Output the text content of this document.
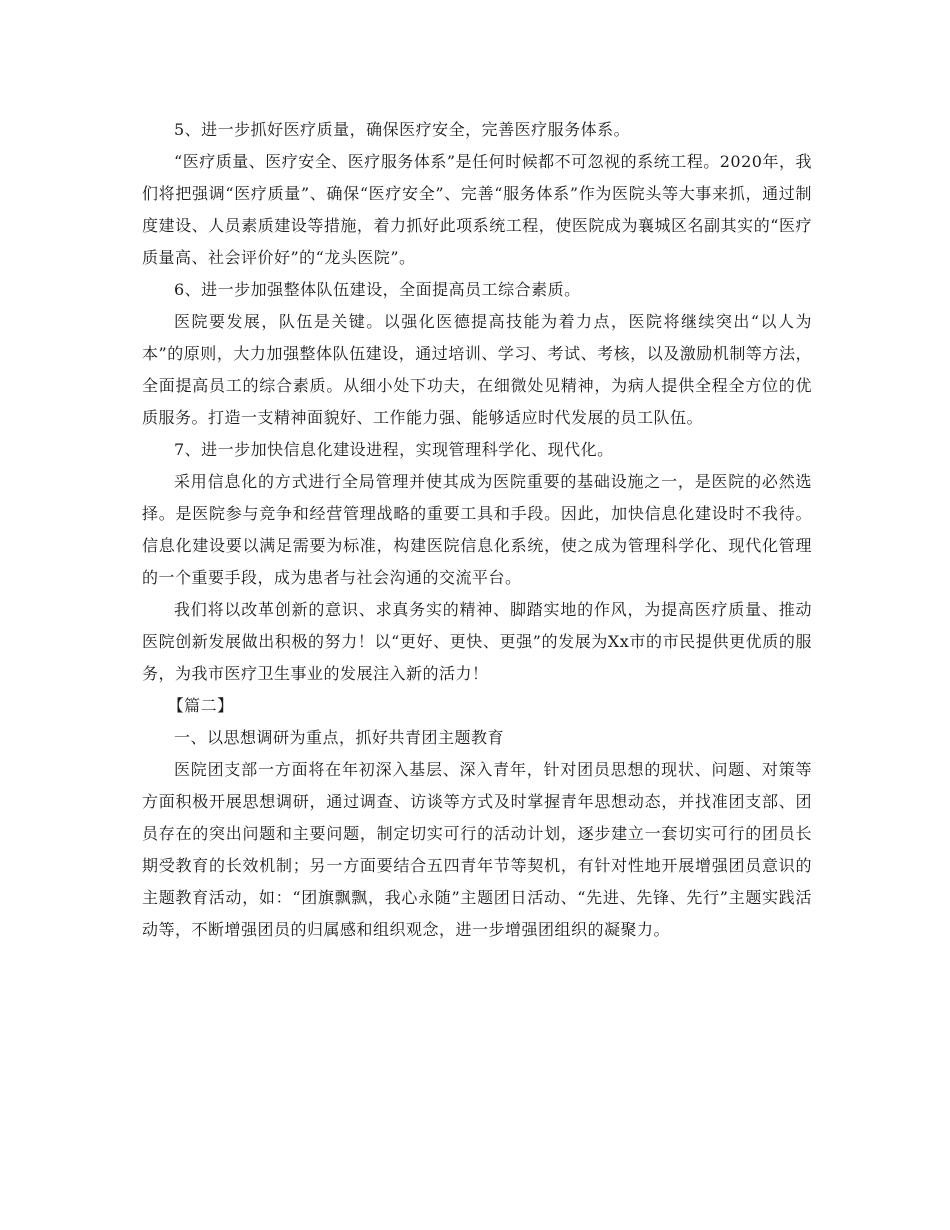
5、进一步抓好医疗质量，确保医疗安全，完善医疗服务体系。

“医疗质量、医疗安全、医疗服务体系”是任何时候都不可忽视的系统工程。2020年，我们将把强调“医疗质量”、确保“医疗安全”、完善“服务体系”作为医院头等大事来抓，通过制度建设、人员素质建设等措施，着力抓好此项系统工程，使医院成为襄城区名副其实的“医疗质量高、社会评价好”的“龙头医院”。

6、进一步加强整体队伍建设，全面提高员工综合素质。

医院要发展，队伍是关键。以强化医德提高技能为着力点，医院将继续突出“以人为本”的原则，大力加强整体队伍建设，通过培训、学习、考试、考核，以及激励机制等方法，全面提高员工的综合素质。从细小处下功夫，在细微处见精神，为病人提供全程全方位的优质服务。打造一支精神面貌好、工作能力强、能够适应时代发展的员工队伍。

7、进一步加快信息化建设进程，实现管理科学化、现代化。

采用信息化的方式进行全局管理并使其成为医院重要的基础设施之一，是医院的必然选择。是医院参与竞争和经营管理战略的重要工具和手段。因此，加快信息化建设时不我待。信息化建设要以满足需要为标准，构建医院信息化系统，使之成为管理科学化、现代化管理的一个重要手段，成为患者与社会沟通的交流平台。

我们将以改革创新的意识、求真务实的精神、脚踏实地的作风，为提高医疗质量、推动医院创新发展做出积极的努力！以“更好、更快、更强”的发展为Xx市的市民提供更优质的服务，为我市医疗卫生事业的发展注入新的活力！

【篇二】

一、以思想调研为重点，抓好共青团主题教育

医院团支部一方面将在年初深入基层、深入青年，针对团员思想的现状、问题、对策等方面积极开展思想调研，通过调查、访谈等方式及时掌握青年思想动态，并找准团支部、团员存在的突出问题和主要问题，制定切实可行的活动计划，逐步建立一套切实可行的团员长期受教育的长效机制；另一方面要结合五四青年节等契机，有针对性地开展增强团员意识的主题教育活动，如：“团旗飘飘，我心永随”主题团日活动、“先进、先锋、先行”主题实践活动等，不断增强团员的归属感和组织观念，进一步增强团组织的凝聚力。
